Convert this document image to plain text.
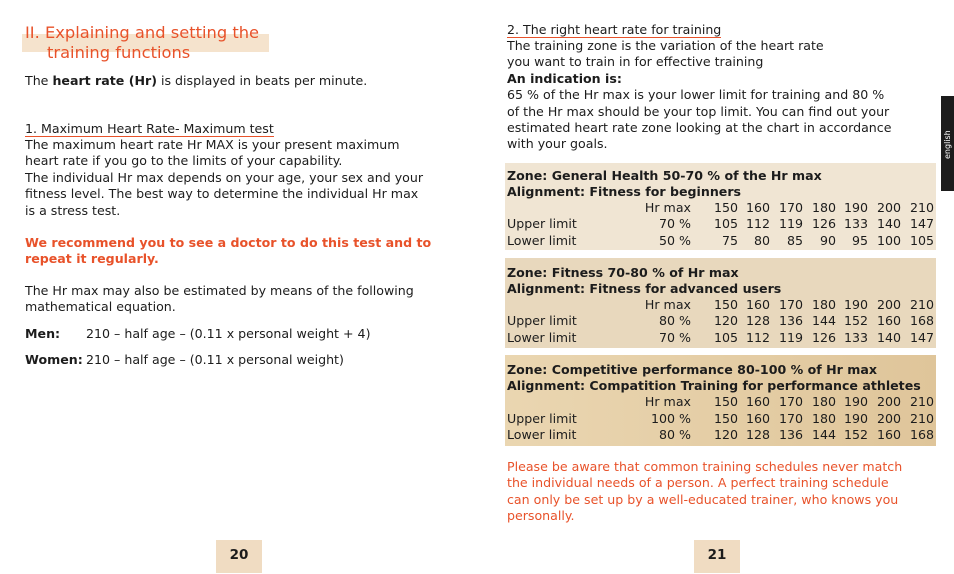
II. Explaining and setting the
training functions
The heart rate (Hr) is displayed in beats per minute.
1. Maximum Heart Rate- Maximum test
The maximum heart rate Hr MAX is your present maximum
heart rate if you go to the limits of your capability.
The individual Hr max depends on your age, your sex and your
fitness level. The best way to determine the individual Hr max
is a stress test.
We recommend you to see a doctor to do this test and to
repeat it regularly.
The Hr max may also be estimated by means of the following
mathematical equation.
Men: 210 – half age – (0.11 x personal weight + 4)
Women: 210 – half age – (0.11 x personal weight)
20
2. The right heart rate for training
The training zone is the variation of the heart rate
you want to train in for effective training
An indication is:
65 % of the Hr max is your lower limit for training and 80 %
of the Hr max should be your top limit. You can find out your
estimated heart rate zone looking at the chart in accordance
with your goals.
Zone: General Health 50-70 % of the Hr max
Alignment: Fitness for beginners
Hr max	150 160 170 180 190 200 210
Upper limit	70 %	105 112 119 126 133 140 147
Lower limit	50 %	75	80	85	90	95 100 105
Zone: Fitness 70-80 % of Hr max
Alignment: Fitness for advanced users
Hr max	150 160 170 180 190 200 210
Upper limit	80 %	120 128 136 144 152 160 168
Lower limit	70 %	105 112 119 126 133 140 147
Zone: Competitive performance 80-100 % of Hr max
Alignment: Compatition Training for performance athletes
Hr max	150 160 170 180 190 200 210
Upper limit	100 %	150 160 170 180 190 200 210
Lower limit	80 %	120 128 136 144 152 160 168
Please be aware that common training schedules never match
the individual needs of a person. A perfect training schedule
can only be set up by a well-educated trainer, who knows you
personally.
21
english
